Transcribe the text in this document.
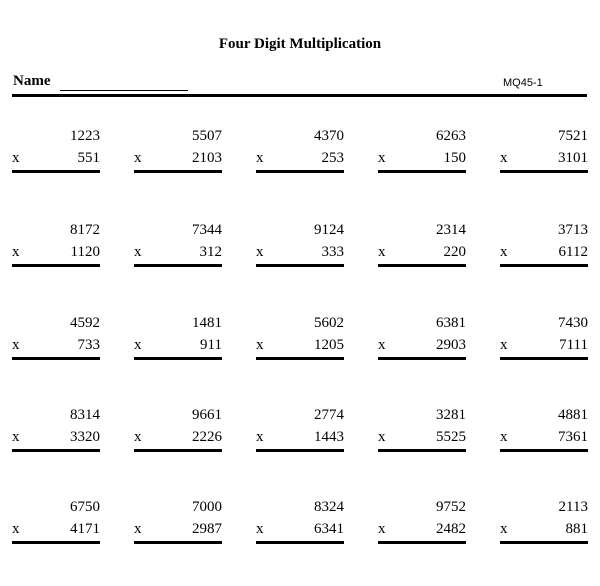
Four Digit Multiplication
Name	MQ45-1
1223
x	551
5507
x	2103
4370
x	253
6263
x	150
7521
x	3101
8172
x	1120
7344
x	312
9124
x	333
2314
x	220
3713
x	6112
4592
x	733
1481
x	911
5602
x	1205
6381
x	2903
7430
x	7111
8314
x	3320
9661
x	2226
2774
x	1443
3281
x	5525
4881
x	7361
6750
x	4171
7000
x	2987
8324
x	6341
9752
x	2482
2113
x	881
